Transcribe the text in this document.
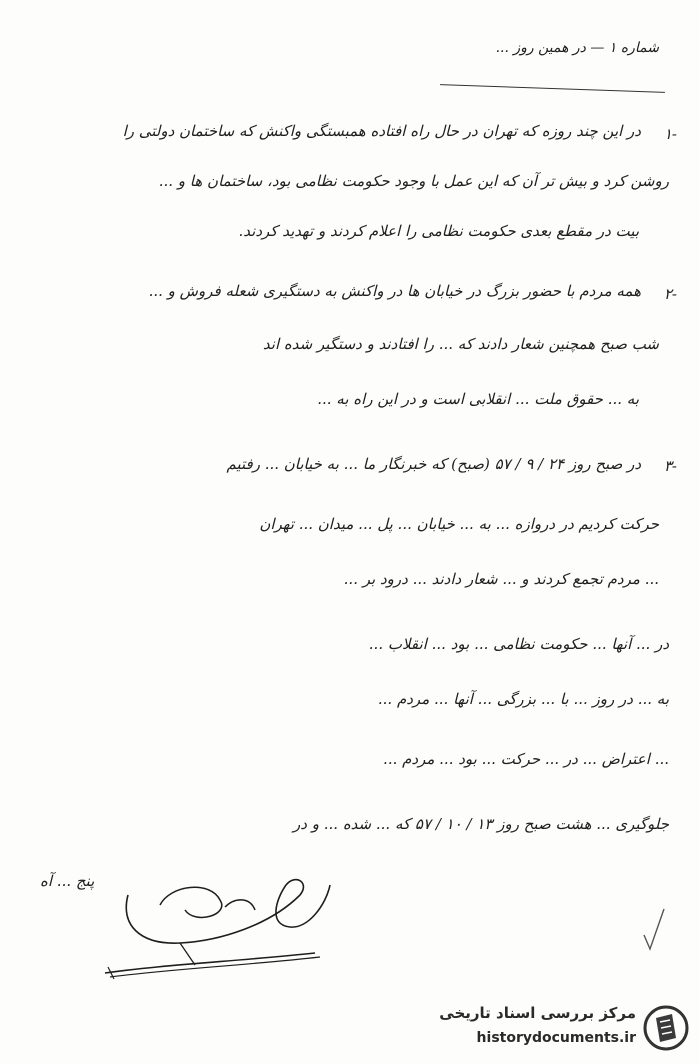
شماره ۱ — در همین روز ...
۱-
در این چند روزه که تهران در حال راه افتاده همبستگی واکنش که ساختمان دولتی را
روشن کرد و بیش تر آن که این عمل با وجود حکومت نظامی بود، ساختمان ها و ...
بیت در مقطع بعدی حکومت نظامی را اعلام کردند و تهدید کردند.
۲-
همه مردم با حضور بزرگ در خیابان ها در واکنش به دستگیری شعله فروش و ...
شب صبح همچنین شعار دادند که ... را افتادند و دستگیر شده اند
به ... حقوق ملت ... انقلابی است و در این راه به ...
۳-
در صبح روز ۲۴ / ۹ / ۵۷ (صبح) که خبرنگار ما ... به خیابان ... رفتیم
حرکت کردیم در دروازه ... به ... خیابان ... پل ... میدان ... تهران
... مردم تجمع کردند و ... شعار دادند ... درود بر ...
در ... آنها ... حکومت نظامی ... بود ... انقلاب ...
به ... در روز ... با ... بزرگی ... آنها ... مردم ...
... اعتراض ... در ... حرکت ... بود ... مردم ...
جلوگیری ... هشت صبح روز ۱۳ / ۱۰ / ۵۷ که ... شده ... و در
پنج ... آه
مرکز بررسی اسناد تاریخی
historydocuments.ir
